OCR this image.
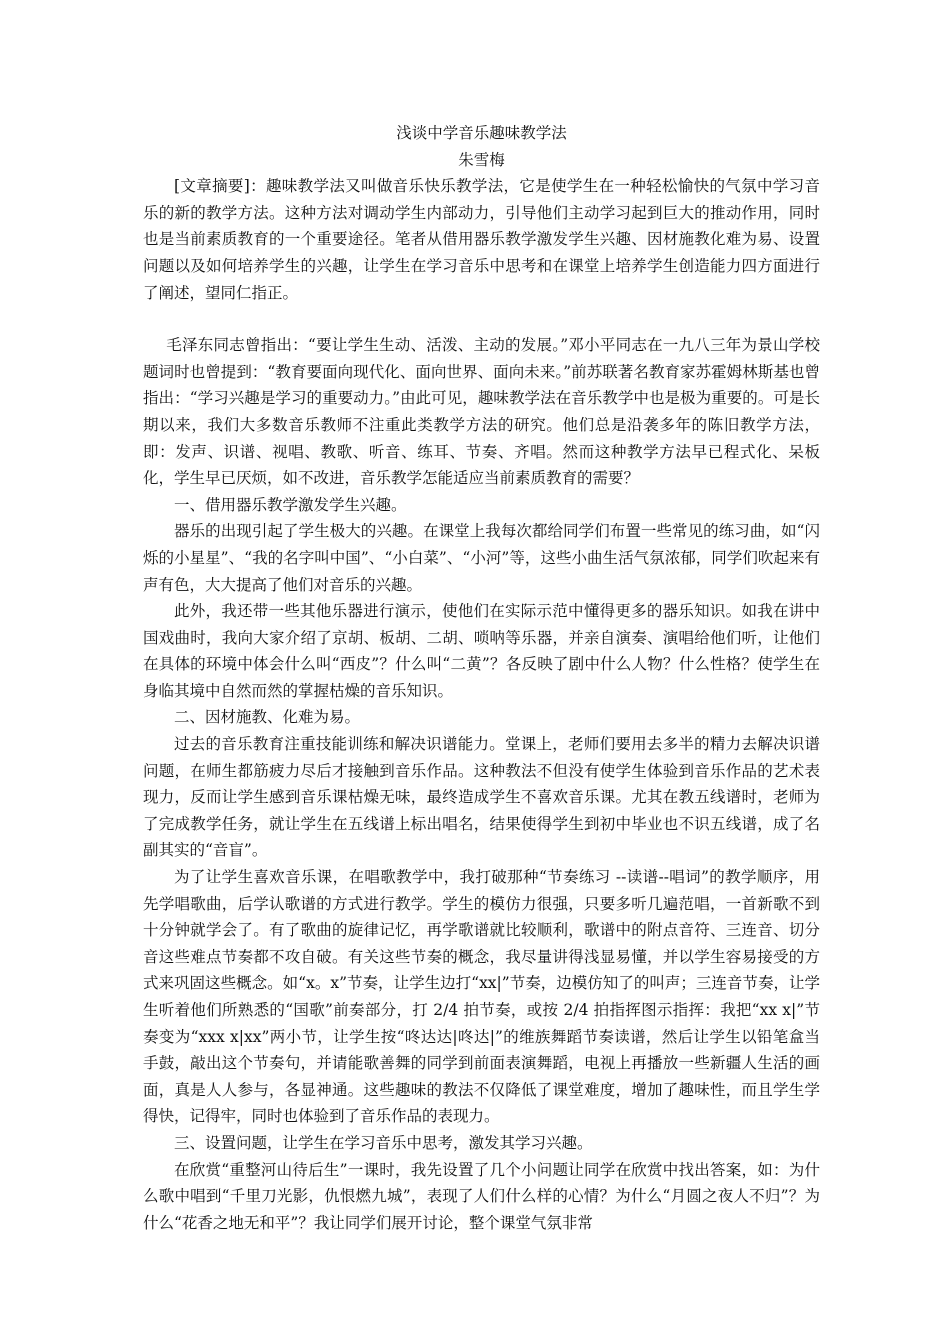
浅谈中学音乐趣味教学法

朱雪梅

[文章摘要]：趣味教学法又叫做音乐快乐教学法，它是使学生在一种轻松愉快的气氛中学习音乐的新的教学方法。这种方法对调动学生内部动力，引导他们主动学习起到巨大的推动作用，同时也是当前素质教育的一个重要途径。笔者从借用器乐教学激发学生兴趣、因材施教化难为易、设置问题以及如何培养学生的兴趣，让学生在学习音乐中思考和在课堂上培养学生创造能力四方面进行了阐述，望同仁指正。

毛泽东同志曾指出：“要让学生生动、活泼、主动的发展。”邓小平同志在一九八三年为景山学校题词时也曾提到：“教育要面向现代化、面向世界、面向未来。”前苏联著名教育家苏霍姆林斯基也曾指出：“学习兴趣是学习的重要动力。”由此可见，趣味教学法在音乐教学中也是极为重要的。可是长期以来，我们大多数音乐教师不注重此类教学方法的研究。他们总是沿袭多年的陈旧教学方法，即：发声、识谱、视唱、教歌、听音、练耳、节奏、齐唱。然而这种教学方法早已程式化、呆板化，学生早已厌烦，如不改进，音乐教学怎能适应当前素质教育的需要？

一、借用器乐教学激发学生兴趣。

器乐的出现引起了学生极大的兴趣。在课堂上我每次都给同学们布置一些常见的练习曲，如“闪烁的小星星”、“我的名字叫中国”、“小白菜”、“小河”等，这些小曲生活气氛浓郁，同学们吹起来有声有色，大大提高了他们对音乐的兴趣。

此外，我还带一些其他乐器进行演示，使他们在实际示范中懂得更多的器乐知识。如我在讲中国戏曲时，我向大家介绍了京胡、板胡、二胡、唢呐等乐器，并亲自演奏、演唱给他们听，让他们在具体的环境中体会什么叫“西皮”？什么叫“二黄”？各反映了剧中什么人物？什么性格？使学生在身临其境中自然而然的掌握枯燥的音乐知识。

二、因材施教、化难为易。

过去的音乐教育注重技能训练和解决识谱能力。堂课上，老师们要用去多半的精力去解决识谱问题，在师生都筋疲力尽后才接触到音乐作品。这种教法不但没有使学生体验到音乐作品的艺术表现力，反而让学生感到音乐课枯燥无味，最终造成学生不喜欢音乐课。尤其在教五线谱时，老师为了完成教学任务，就让学生在五线谱上标出唱名，结果使得学生到初中毕业也不识五线谱，成了名副其实的“音盲”。

为了让学生喜欢音乐课，在唱歌教学中，我打破那种“节奏练习 --读谱--唱词”的教学顺序，用先学唱歌曲，后学认歌谱的方式进行教学。学生的模仿力很强，只要多听几遍范唱，一首新歌不到十分钟就学会了。有了歌曲的旋律记忆，再学歌谱就比较顺利，歌谱中的附点音符、三连音、切分音这些难点节奏都不攻自破。有关这些节奏的概念，我尽量讲得浅显易懂，并以学生容易接受的方式来巩固这些概念。如“x。x”节奏，让学生边打“xx|”节奏，边模仿知了的叫声；三连音节奏，让学生听着他们所熟悉的“国歌”前奏部分，打 2/4 拍节奏，或按 2/4 拍指挥图示指挥：我把“xx x|”节奏变为“xxx x|xx”两小节，让学生按“咚达达|咚达|”的维族舞蹈节奏读谱，然后让学生以铅笔盒当手鼓，敲出这个节奏句，并请能歌善舞的同学到前面表演舞蹈，电视上再播放一些新疆人生活的画面，真是人人参与，各显神通。这些趣味的教法不仅降低了课堂难度，增加了趣味性，而且学生学得快，记得牢，同时也体验到了音乐作品的表现力。

三、设置问题，让学生在学习音乐中思考，激发其学习兴趣。

在欣赏“重整河山待后生”一课时，我先设置了几个小问题让同学在欣赏中找出答案，如：为什么歌中唱到“千里刀光影，仇恨燃九城”，表现了人们什么样的心情？为什么“月圆之夜人不归”？为什么“花香之地无和平”？我让同学们展开讨论，整个课堂气氛非常
